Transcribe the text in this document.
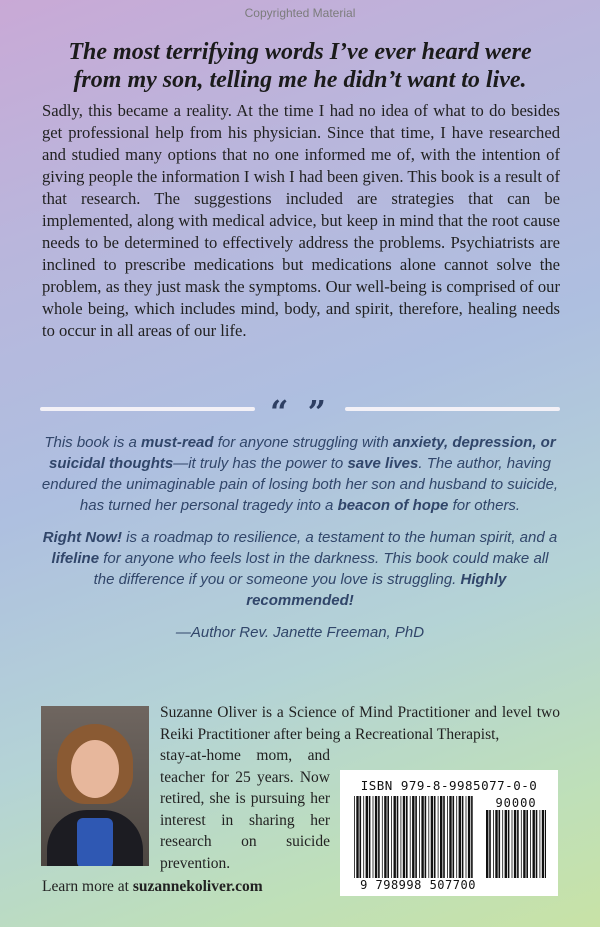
Copyrighted Material
The most terrifying words I’ve ever heard were
from my son, telling me he didn’t want to live.
Sadly, this became a reality. At the time I had no idea of what to do besides get professional help from his physician. Since that time, I have researched and studied many options that no one informed me of, with the intention of giving people the information I wish I had been given. This book is a result of that research. The suggestions included are strategies that can be implemented, along with medical advice, but keep in mind that the root cause needs to be determined to effectively address the problems. Psychiatrists are inclined to prescribe medications but medications alone cannot solve the problem, as they just mask the symptoms. Our well-being is comprised of our whole being, which includes mind, body, and spirit, therefore, healing needs to occur in all areas of our life.
“ ”

This book is a must-read for anyone struggling with anxiety, depression, or suicidal thoughts—it truly has the power to save lives. The author, having endured the unimaginable pain of losing both her son and husband to suicide, has turned her personal tragedy into a beacon of hope for others.

Right Now! is a roadmap to resilience, a testament to the human spirit, and a lifeline for anyone who feels lost in the darkness. This book could make all the difference if you or someone you love is struggling. Highly recommended!

—Author Rev. Janette Freeman, PhD

Suzanne Oliver is a Science of Mind Practitioner and level two Reiki Practitioner after being a Recreational Therapist,
stay-at-home mom, and teacher for 25 years. Now retired, she is pursuing her interest in sharing her research on suicide prevention.
Learn more at suzannekoliver.com
ISBN 979-8-9985077-0-0
90000
9 798998 507700
